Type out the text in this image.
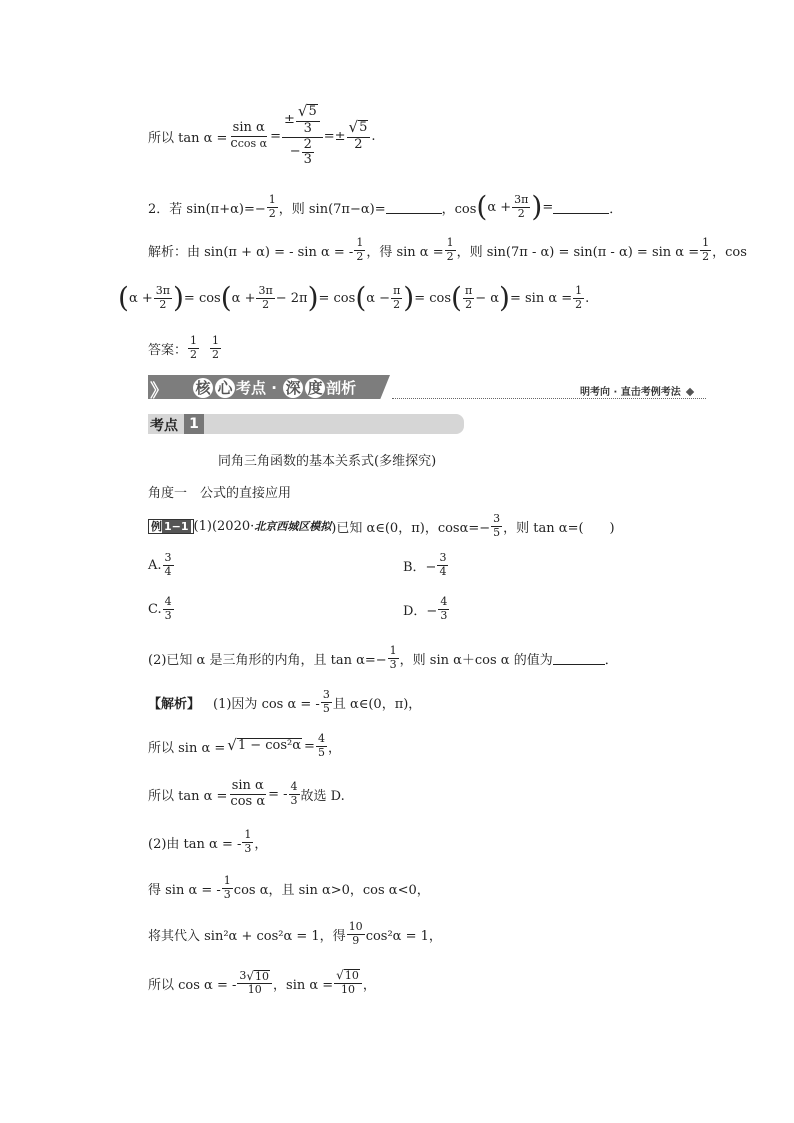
所以 $\tan \alpha = \frac{\text{sin α}}{\text{ccos α}} = \frac{\pm \frac{√ 5}{3}}{- \frac{2}{3}} =\pm \frac{√ 5}{2}$ .
2．若 $\sin(\pi+\alpha)=- \frac{1}{2}$ ，则 sin(7π−α)=	，cos ( $\alpha + \frac{3\pi}{2}$ ) =	．
解析：由 sin(π + α) = - sin α = - $\frac{1}{2}$ ，得 $\sin \alpha = \frac{1}{2}$ ，则 $\sin(7\pi - \alpha) = \sin(\pi - \alpha) = \sin \alpha = \frac{1}{2}$ ，cos
( $\alpha + \frac{3\pi}{2}$ ) = cos ( $\alpha + \frac{3\pi}{2} - 2\pi$ ) = cos ( $\alpha - \frac{\pi}{2}$ ) = cos ( $\frac{\pi}{2} - \alpha$ ) = $\sin \alpha = \frac{1}{2}$ .
答案： $\frac{1}{2} \frac{1}{2}$
》 核 心 考点 · 深 度 剖析	明考向 · 直击考例考法
考点 1
同角三角函数的基本关系式(多维探究)
角度一　公式的直接应用
例 1−1 (1)( 2020· 北京西城区模拟 )已知 α∈(0，π)，$\cos\alpha=- \frac{3}{5}$ ，则 tan α=(　　)
A. $\frac{3}{4}$	B．− $\frac{3}{4}$
C. $\frac{4}{3}$	D．− $\frac{4}{3}$
(2)已知 α 是三角形的内角，且 $\tan \alpha=- \frac{1}{3}$ ，则 sin α＋cos α 的值为	．
【解析】 　(1)因为 cos α = - $\frac{3}{5}$ 且 α∈(0，π)，
所以 sin α = √ $1 - \cos^2\alpha = \frac{4}{5}$ ，
所以 $\tan \alpha = \frac{\text{sin α}}{\text{cos α}}$ = - $\frac{4}{3}$ 故选 D.
(2)由 tan α = - $\frac{1}{3}$ ，
得 sin α = - $\frac{1}{3}$ cos α，且 sin α>0，cos α<0，
将其代入 sin²α + cos²α = 1，得 $\frac{10}{9} \cos^2\alpha = 1$，
所以 cos α = - $\frac{3 √ 10}{10}$ ，$\sin \alpha = \frac{√ 10}{10}$ ，
